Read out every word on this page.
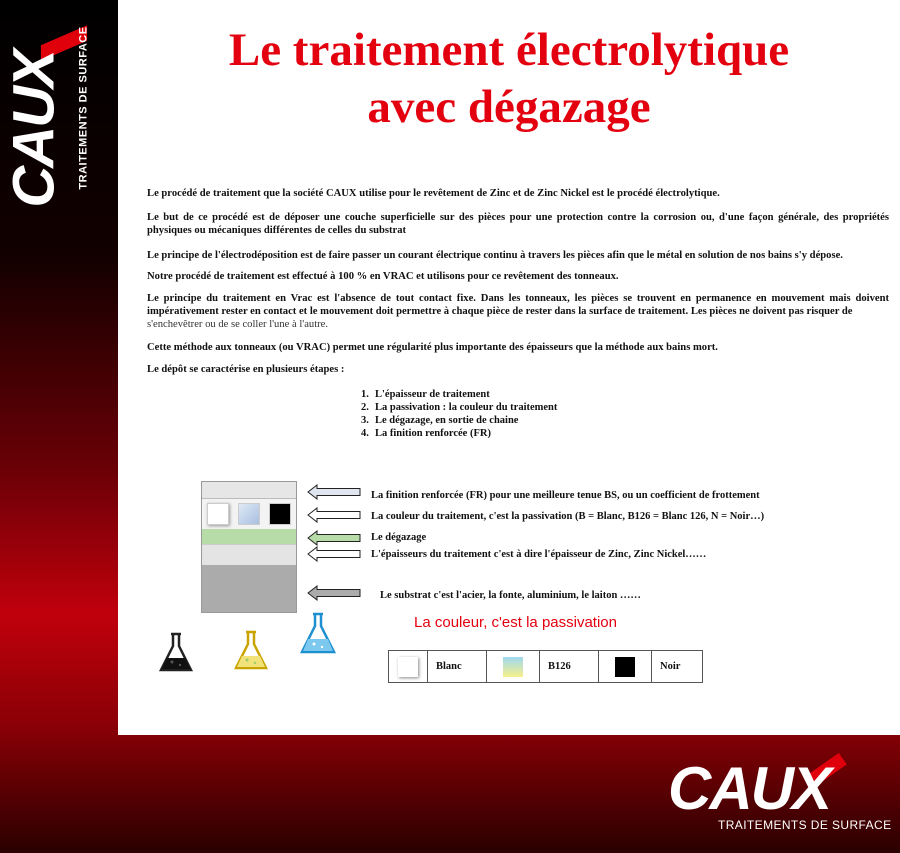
CAUX TRAITEMENTS DE SURFACE	Le traitement électrolytique
avec dégazage

Le procédé de traitement que la société CAUX utilise pour le revêtement de Zinc et de Zinc Nickel est le procédé électrolytique.

Le but de ce procédé est de déposer une couche superficielle sur des pièces pour une protection contre la corrosion ou, d'une façon générale, des propriétés physiques ou mécaniques différentes de celles du substrat

Le principe de l'électrodéposition est de faire passer un courant électrique continu à travers les pièces afin que le métal en solution de nos bains s'y dépose.

Notre procédé de traitement est effectué à 100 % en VRAC et utilisons pour ce revêtement des tonneaux.

Le principe du traitement en Vrac est l'absence de tout contact fixe. Dans les tonneaux, les pièces se trouvent en permanence en mouvement mais doivent impérativement rester en contact et le mouvement doit permettre à chaque pièce de rester dans la surface de traitement. Les pièces ne doivent pas risquer de

s'enchevêtrer ou de se coller l'une à l'autre.

Cette méthode aux tonneaux (ou VRAC) permet une régularité plus importante des épaisseurs que la méthode aux bains mort.

Le dépôt se caractérise en plusieurs étapes :

1. L'épaisseur de traitement
2. La passivation : la couleur du traitement
3. Le dégazage, en sortie de chaine
4. La finition renforcée (FR)
La finition renforcée (FR) pour une meilleure tenue BS, ou un coefficient de frottement
La couleur du traitement, c'est la passivation (B = Blanc, B126 = Blanc 126, N = Noir…)
Le dégazage
L'épaisseurs du traitement c'est à dire l'épaisseur de Zinc, Zinc Nickel……
Le substrat c'est l'acier, la fonte, aluminium, le laiton ……
La couleur, c'est la passivation
	Blanc		B126		Noir
CAUX
TRAITEMENTS DE SURFACE
